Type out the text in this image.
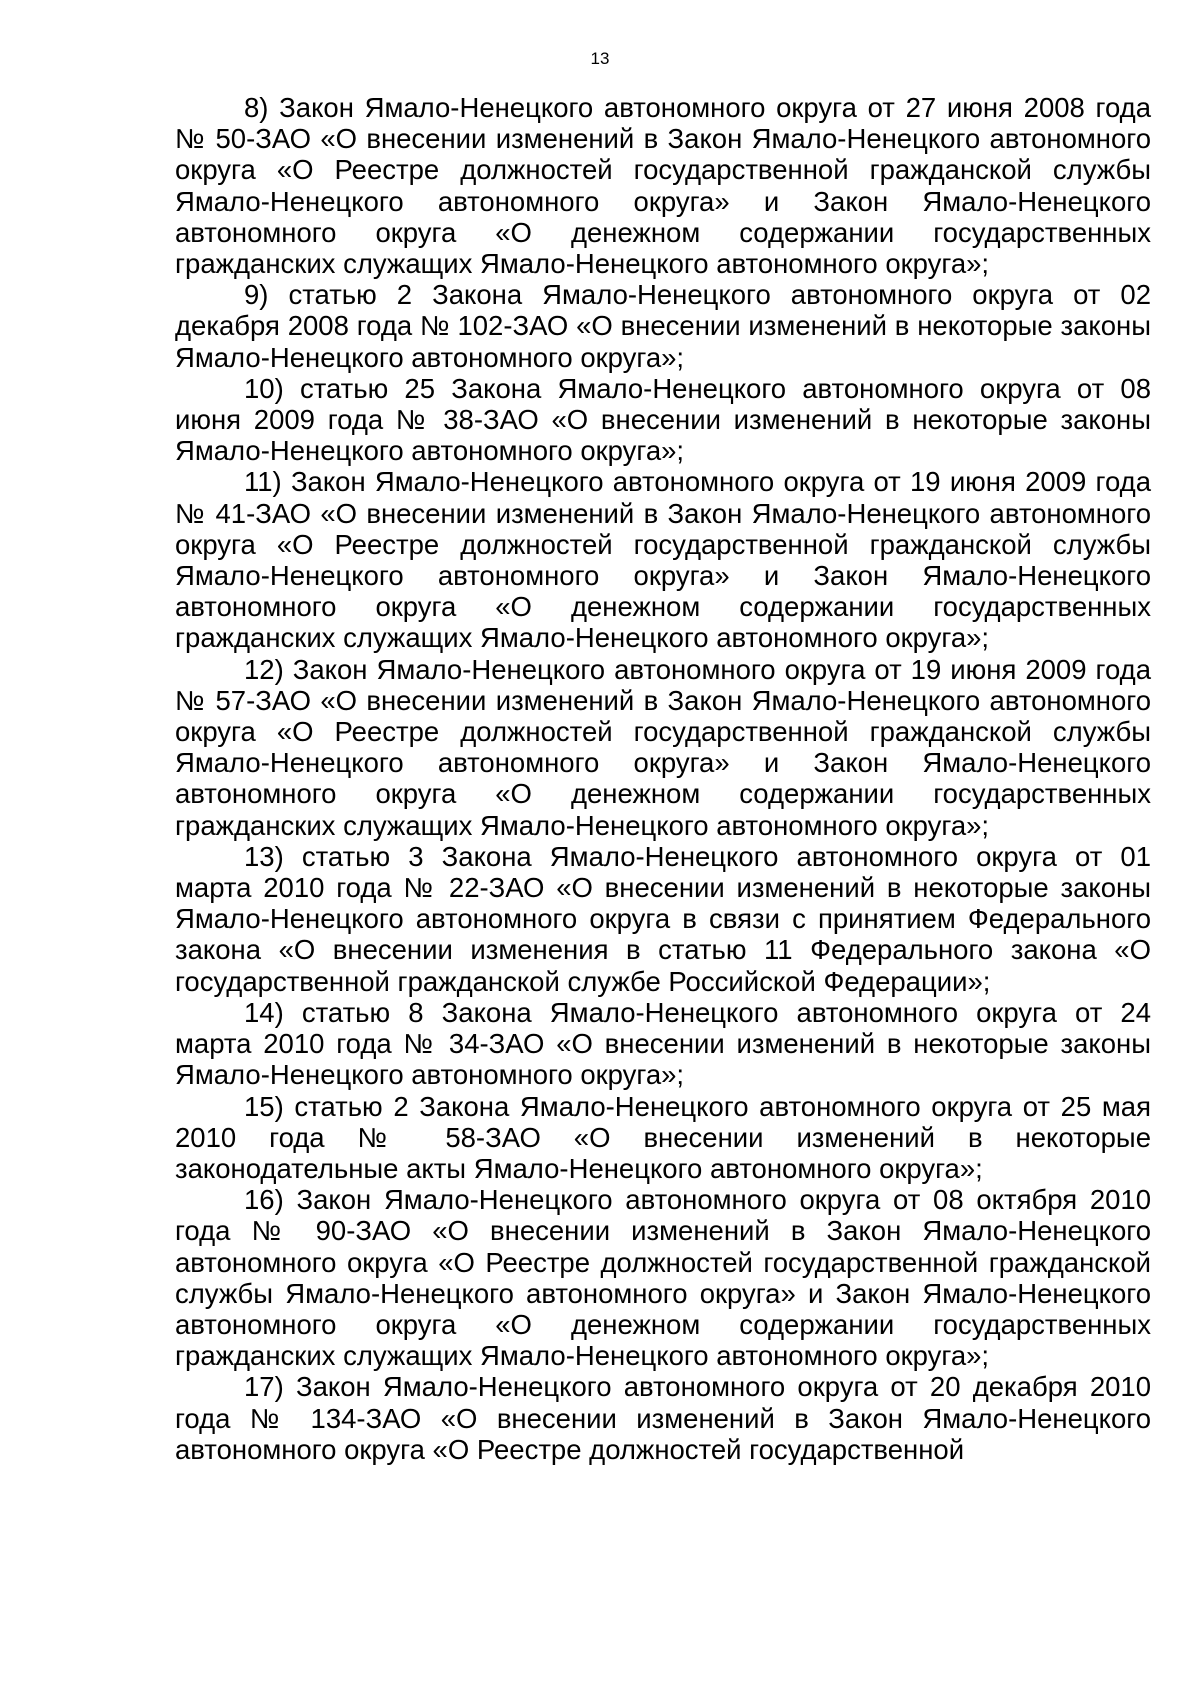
13

8) Закон Ямало-Ненецкого автономного округа от 27 июня 2008 года № 50-ЗАО «О внесении изменений в Закон Ямало-Ненецкого автономного округа «О Реестре должностей государственной гражданской службы Ямало-Ненецкого автономного округа» и Закон Ямало-Ненецкого автономного округа «О денежном содержании государственных гражданских служащих Ямало-Ненецкого автономного округа»;

9) статью 2 Закона Ямало-Ненецкого автономного округа от 02 декабря 2008 года № 102-ЗАО «О внесении изменений в некоторые законы Ямало-Ненецкого автономного округа»;

10) статью 25 Закона Ямало-Ненецкого автономного округа от 08 июня 2009 года № 38-ЗАО «О внесении изменений в некоторые законы Ямало-Ненецкого автономного округа»;

11) Закон Ямало-Ненецкого автономного округа от 19 июня 2009 года № 41-ЗАО «О внесении изменений в Закон Ямало-Ненецкого автономного округа «О Реестре должностей государственной гражданской службы Ямало-Ненецкого автономного округа» и Закон Ямало-Ненецкого автономного округа «О денежном содержании государственных гражданских служащих Ямало-Ненецкого автономного округа»;

12) Закон Ямало-Ненецкого автономного округа от 19 июня 2009 года № 57-ЗАО «О внесении изменений в Закон Ямало-Ненецкого автономного округа «О Реестре должностей государственной гражданской службы Ямало-Ненецкого автономного округа» и Закон Ямало-Ненецкого автономного округа «О денежном содержании государственных гражданских служащих Ямало-Ненецкого автономного округа»;

13) статью 3 Закона Ямало-Ненецкого автономного округа от 01 марта 2010 года № 22-ЗАО «О внесении изменений в некоторые законы Ямало-Ненецкого автономного округа в связи с принятием Федерального закона «О внесении изменения в статью 11 Федерального закона «О государственной гражданской службе Российской Федерации»;

14) статью 8 Закона Ямало-Ненецкого автономного округа от 24 марта 2010 года № 34-ЗАО «О внесении изменений в некоторые законы Ямало-Ненецкого автономного округа»;

15) статью 2 Закона Ямало-Ненецкого автономного округа от 25 мая 2010 года № 58-ЗАО «О внесении изменений в некоторые законодательные акты Ямало-Ненецкого автономного округа»;

16) Закон Ямало-Ненецкого автономного округа от 08 октября 2010 года № 90-ЗАО «О внесении изменений в Закон Ямало-Ненецкого автономного округа «О Реестре должностей государственной гражданской службы Ямало-Ненецкого автономного округа» и Закон Ямало-Ненецкого автономного округа «О денежном содержании государственных гражданских служащих Ямало-Ненецкого автономного округа»;

17) Закон Ямало-Ненецкого автономного округа от 20 декабря 2010 года № 134-ЗАО «О внесении изменений в Закон Ямало-Ненецкого автономного округа «О Реестре должностей государственной
